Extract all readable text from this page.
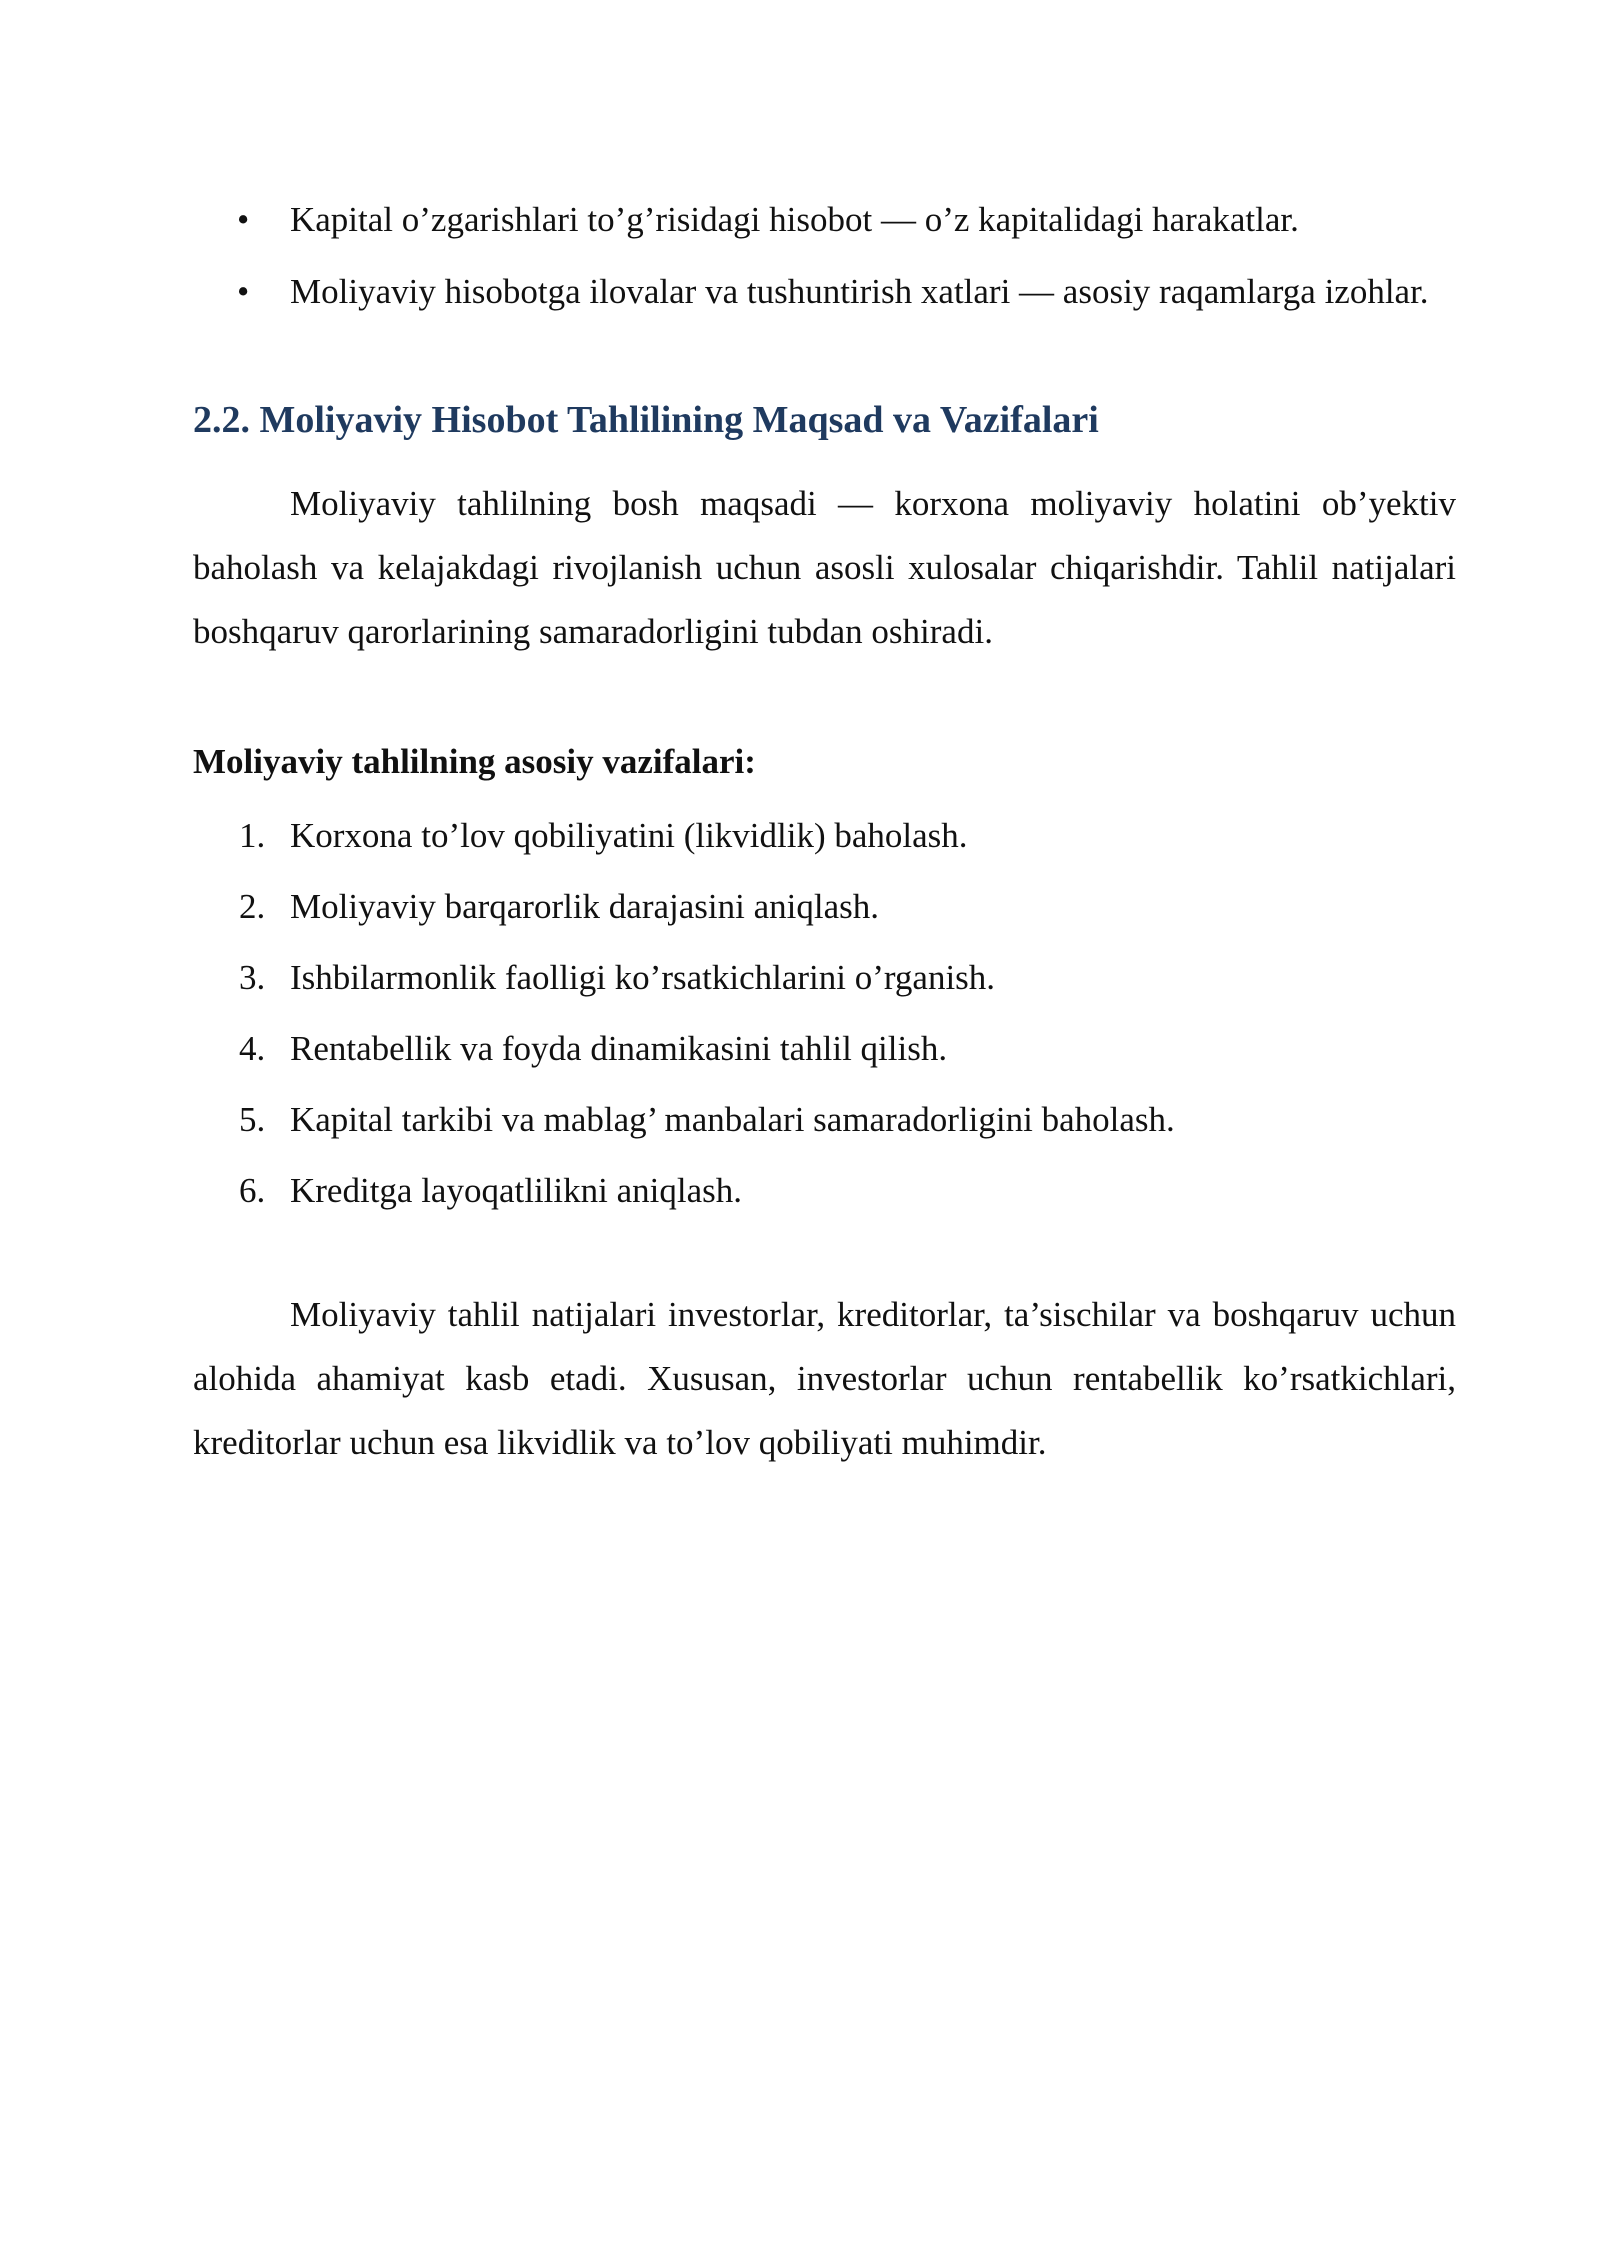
•	Kapital o’zgarishlari to’g’risidagi hisobot — o’z kapitalidagi harakatlar.
•	Moliyaviy hisobotga ilovalar va tushuntirish xatlari — asosiy raqamlarga izohlar.
2.2. Moliyaviy Hisobot Tahlilining Maqsad va Vazifalari

Moliyaviy tahlilning bosh maqsadi — korxona moliyaviy holatini ob’yektiv baholash va kelajakdagi rivojlanish uchun asosli xulosalar chiqarishdir. Tahlil natijalari boshqaruv qarorlarining samaradorligini tubdan oshiradi.

Moliyaviy tahlilning asosiy vazifalari:

1. Korxona to’lov qobiliyatini (likvidlik) baholash.
2. Moliyaviy barqarorlik darajasini aniqlash.
3. Ishbilarmonlik faolligi ko’rsatkichlarini o’rganish.
4. Rentabellik va foyda dinamikasini tahlil qilish.
5. Kapital tarkibi va mablag’ manbalari samaradorligini baholash.
6. Kreditga layoqatlilikni aniqlash.

Moliyaviy tahlil natijalari investorlar, kreditorlar, ta’sischilar va boshqaruv uchun alohida ahamiyat kasb etadi. Xususan, investorlar uchun rentabellik ko’rsatkichlari, kreditorlar uchun esa likvidlik va to’lov qobiliyati muhimdir.
